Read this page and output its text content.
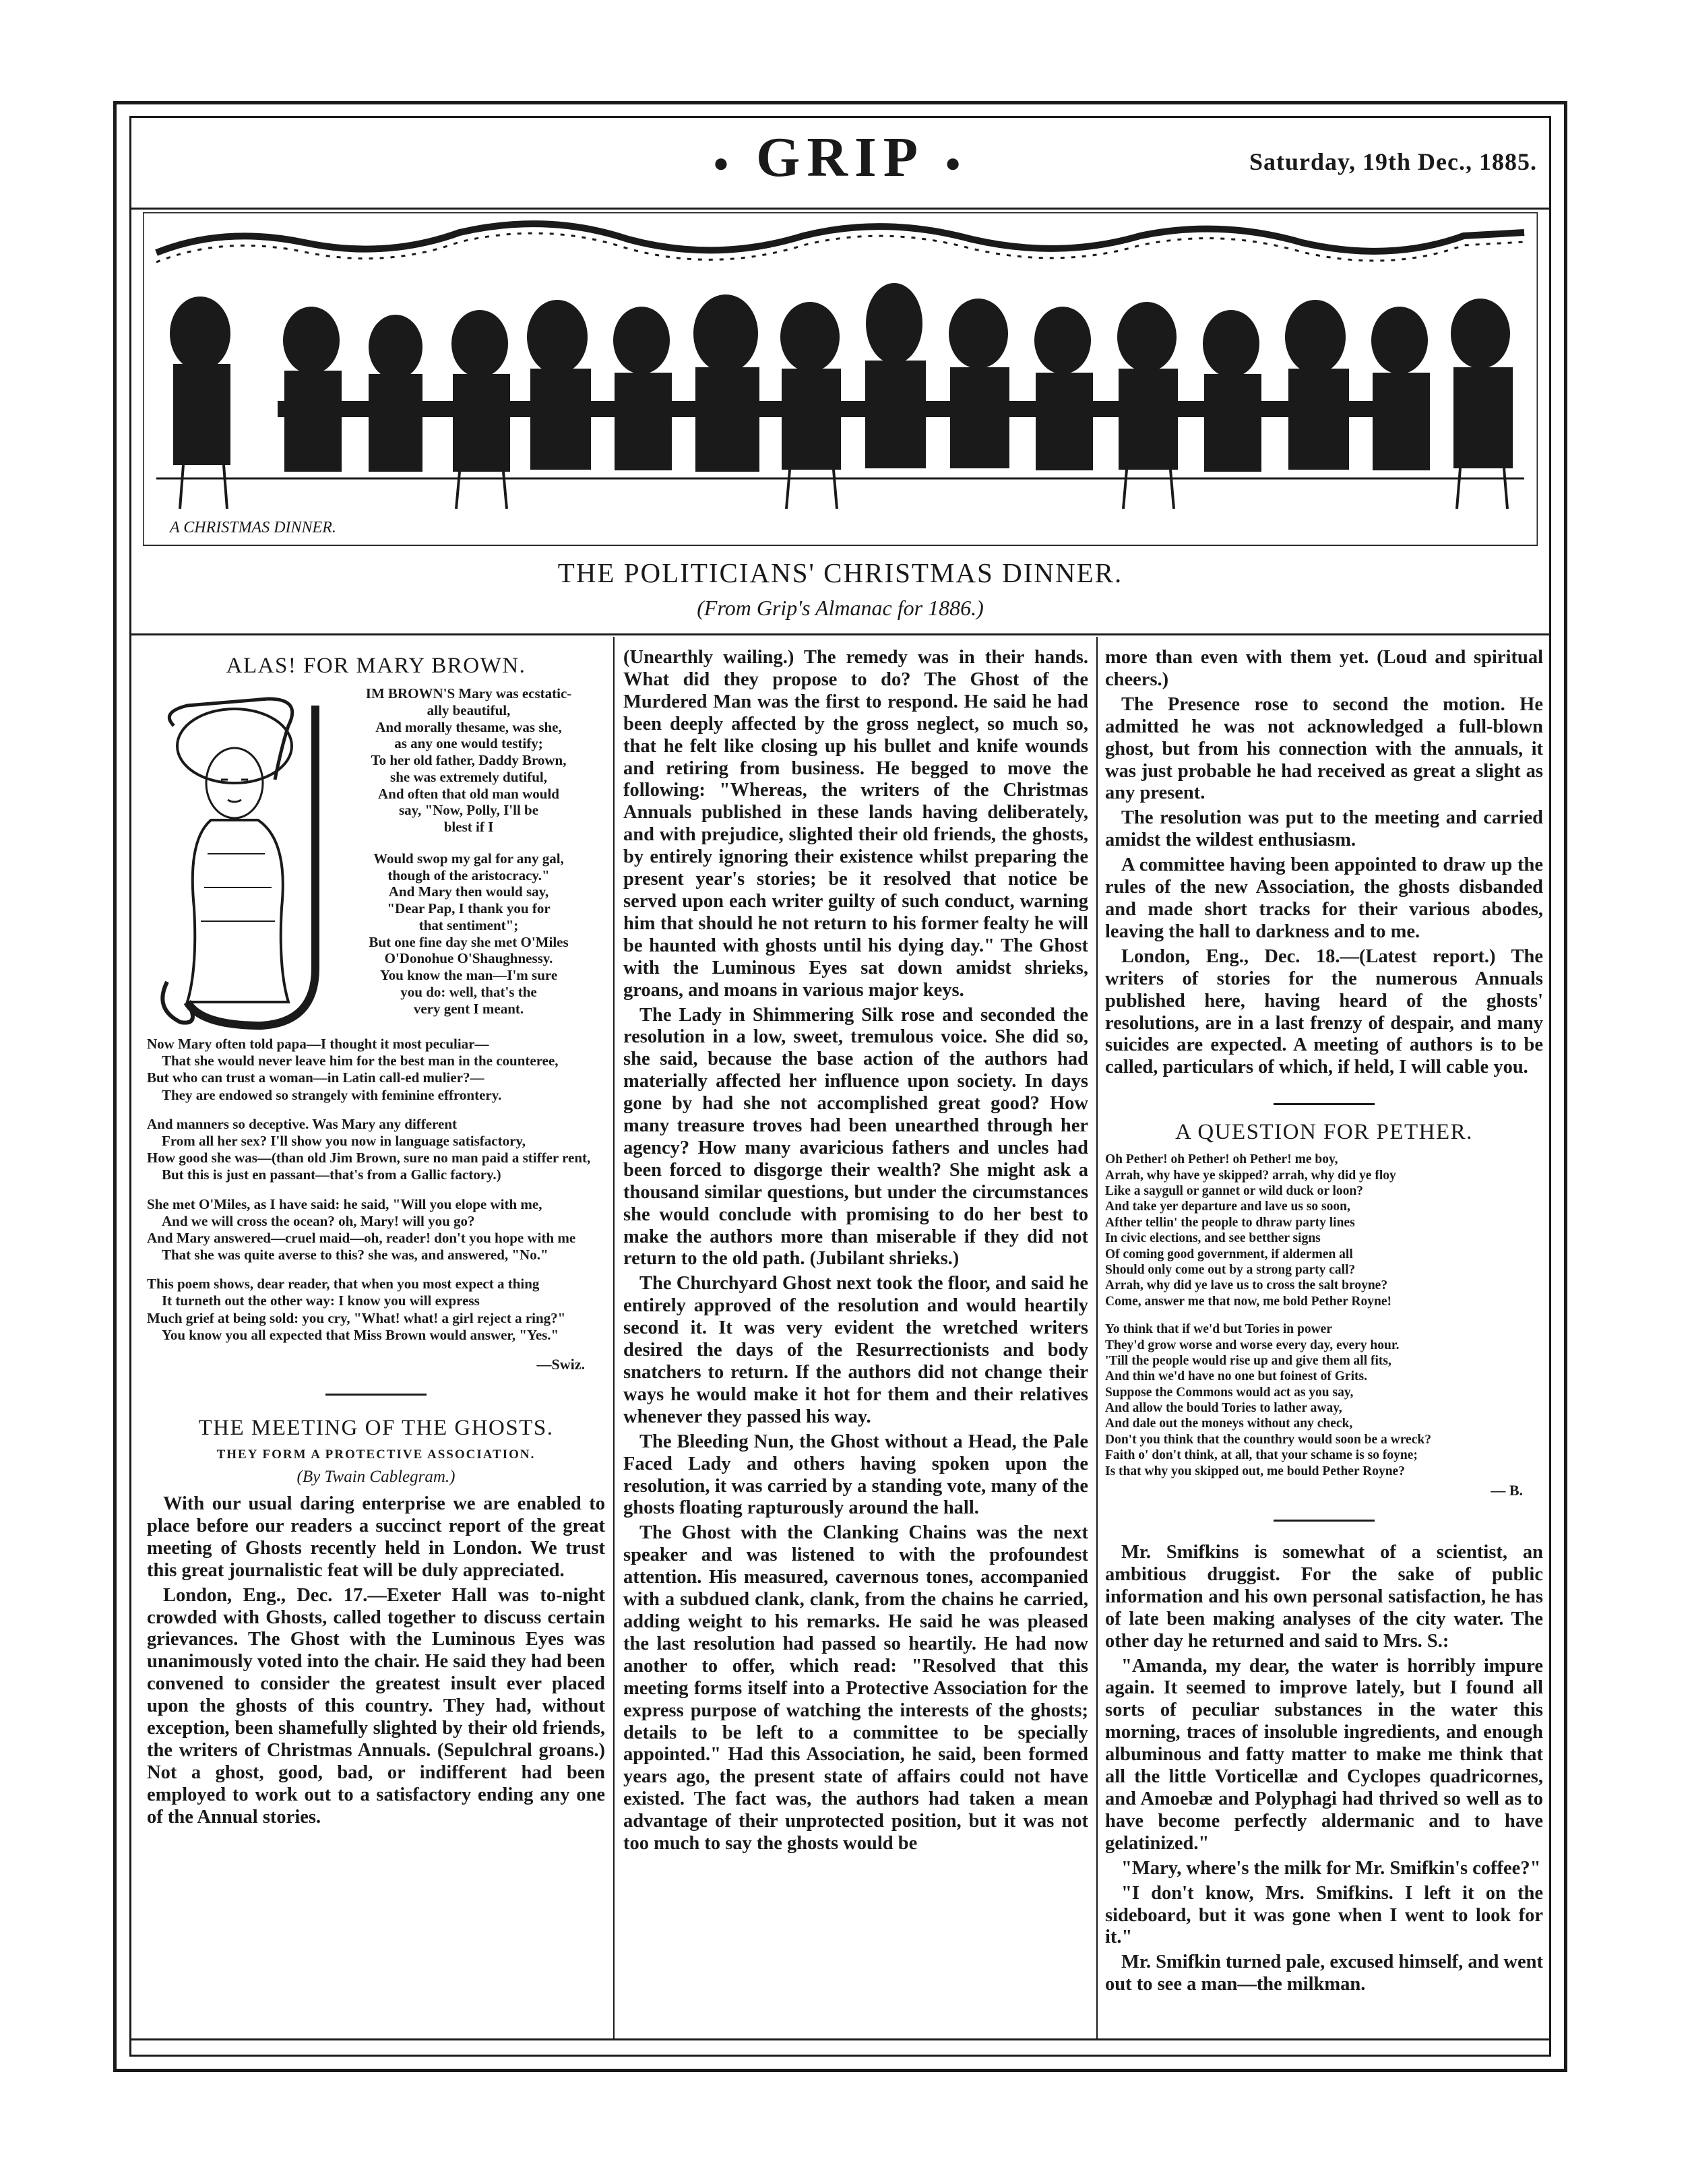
● GRIP ●	Saturday, 19th Dec., 1885.
A CHRISTMAS DINNER.
THE POLITICIANS' CHRISTMAS DINNER.
(From Grip's Almanac for 1886.)
ALAS! FOR MARY BROWN.
IM BROWN'S Mary was ecstatic-
ally beautiful,
And morally thesame, was she,
as any one would testify;
To her old father, Daddy Brown,
she was extremely dutiful,
And often that old man would
say, "Now, Polly, I'll be
blest if I
Would swop my gal for any gal,
though of the aristocracy."
And Mary then would say,
"Dear Pap, I thank you for
that sentiment";
But one fine day she met O'Miles
O'Donohue O'Shaughnessy.
You know the man—I'm sure
you do: well, that's the
very gent I meant.
Now Mary often told papa—I thought it most peculiar—
That she would never leave him for the best man in the counteree,
But who can trust a woman—in Latin call-ed mulier?—
They are endowed so strangely with feminine effrontery.
And manners so deceptive. Was Mary any different
From all her sex? I'll show you now in language satisfactory,
How good she was—(than old Jim Brown, sure no man paid a stiffer rent,
But this is just en passant—that's from a Gallic factory.)
She met O'Miles, as I have said: he said, "Will you elope with me,
And we will cross the ocean? oh, Mary! will you go?
And Mary answered—cruel maid—oh, reader! don't you hope with me
That she was quite averse to this? she was, and answered, "No."
This poem shows, dear reader, that when you most expect a thing
It turneth out the other way: I know you will express
Much grief at being sold: you cry, "What! what! a girl reject a ring?"
You know you all expected that Miss Brown would answer, "Yes."
—Swiz.
THE MEETING OF THE GHOSTS.
THEY FORM A PROTECTIVE ASSOCIATION.
(By Twain Cablegram.)

With our usual daring enterprise we are enabled to place before our readers a succinct report of the great meeting of Ghosts recently held in London. We trust this great journalistic feat will be duly appreciated.

London, Eng., Dec. 17.—Exeter Hall was to-night crowded with Ghosts, called together to discuss certain grievances. The Ghost with the Luminous Eyes was unanimously voted into the chair. He said they had been convened to consider the greatest insult ever placed upon the ghosts of this country. They had, without exception, been shamefully slighted by their old friends, the writers of Christmas Annuals. (Sepulchral groans.) Not a ghost, good, bad, or indifferent had been employed to work out to a satisfactory ending any one of the Annual stories.

(Unearthly wailing.) The remedy was in their hands. What did they propose to do? The Ghost of the Murdered Man was the first to respond. He said he had been deeply affected by the gross neglect, so much so, that he felt like closing up his bullet and knife wounds and retiring from business. He begged to move the following: "Whereas, the writers of the Christmas Annuals published in these lands having deliberately, and with prejudice, slighted their old friends, the ghosts, by entirely ignoring their existence whilst preparing the present year's stories; be it resolved that notice be served upon each writer guilty of such conduct, warning him that should he not return to his former fealty he will be haunted with ghosts until his dying day." The Ghost with the Luminous Eyes sat down amidst shrieks, groans, and moans in various major keys.

The Lady in Shimmering Silk rose and seconded the resolution in a low, sweet, tremulous voice. She did so, she said, because the base action of the authors had materially affected her influence upon society. In days gone by had she not accomplished great good? How many treasure troves had been unearthed through her agency? How many avaricious fathers and uncles had been forced to disgorge their wealth? She might ask a thousand similar questions, but under the circumstances she would conclude with promising to do her best to make the authors more than miserable if they did not return to the old path. (Jubilant shrieks.)

The Churchyard Ghost next took the floor, and said he entirely approved of the resolution and would heartily second it. It was very evident the wretched writers desired the days of the Resurrectionists and body snatchers to return. If the authors did not change their ways he would make it hot for them and their relatives whenever they passed his way.

The Bleeding Nun, the Ghost without a Head, the Pale Faced Lady and others having spoken upon the resolution, it was carried by a standing vote, many of the ghosts floating rapturously around the hall.

The Ghost with the Clanking Chains was the next speaker and was listened to with the profoundest attention. His measured, cavernous tones, accompanied with a subdued clank, clank, from the chains he carried, adding weight to his remarks. He said he was pleased the last resolution had passed so heartily. He had now another to offer, which read: "Resolved that this meeting forms itself into a Protective Association for the express purpose of watching the interests of the ghosts; details to be left to a committee to be specially appointed." Had this Association, he said, been formed years ago, the present state of affairs could not have existed. The fact was, the authors had taken a mean advantage of their unprotected position, but it was not too much to say the ghosts would be

more than even with them yet. (Loud and spiritual cheers.)

The Presence rose to second the motion. He admitted he was not acknowledged a full-blown ghost, but from his connection with the annuals, it was just probable he had received as great a slight as any present.

The resolution was put to the meeting and carried amidst the wildest enthusiasm.

A committee having been appointed to draw up the rules of the new Association, the ghosts disbanded and made short tracks for their various abodes, leaving the hall to darkness and to me.

London, Eng., Dec. 18.—(Latest report.) The writers of stories for the numerous Annuals published here, having heard of the ghosts' resolutions, are in a last frenzy of despair, and many suicides are expected. A meeting of authors is to be called, particulars of which, if held, I will cable you.

A QUESTION FOR PETHER.
Oh Pether! oh Pether! oh Pether! me boy,
Arrah, why have ye skipped? arrah, why did ye floy
Like a saygull or gannet or wild duck or loon?
And take yer departure and lave us so soon,
Afther tellin' the people to dhraw party lines
In civic elections, and see betther signs
Of coming good government, if aldermen all
Should only come out by a strong party call?
Arrah, why did ye lave us to cross the salt broyne?
Come, answer me that now, me bold Pether Royne!
Yo think that if we'd but Tories in power
They'd grow worse and worse every day, every hour.
'Till the people would rise up and give them all fits,
And thin we'd have no one but foinest of Grits.
Suppose the Commons would act as you say,
And allow the bould Tories to lather away,
And dale out the moneys without any check,
Don't you think that the counthry would soon be a wreck?
Faith o' don't think, at all, that your schame is so foyne;
Is that why you skipped out, me bould Pether Royne?
— B.

Mr. Smifkins is somewhat of a scientist, an ambitious druggist. For the sake of public information and his own personal satisfaction, he has of late been making analyses of the city water. The other day he returned and said to Mrs. S.:

"Amanda, my dear, the water is horribly impure again. It seemed to improve lately, but I found all sorts of peculiar substances in the water this morning, traces of insoluble ingredients, and enough albuminous and fatty matter to make me think that all the little Vorticellæ and Cyclopes quadricornes, and Amoebæ and Polyphagi had thrived so well as to have become perfectly aldermanic and to have gelatinized."

"Mary, where's the milk for Mr. Smifkin's coffee?"

"I don't know, Mrs. Smifkins. I left it on the sideboard, but it was gone when I went to look for it."

Mr. Smifkin turned pale, excused himself, and went out to see a man—the milkman.
